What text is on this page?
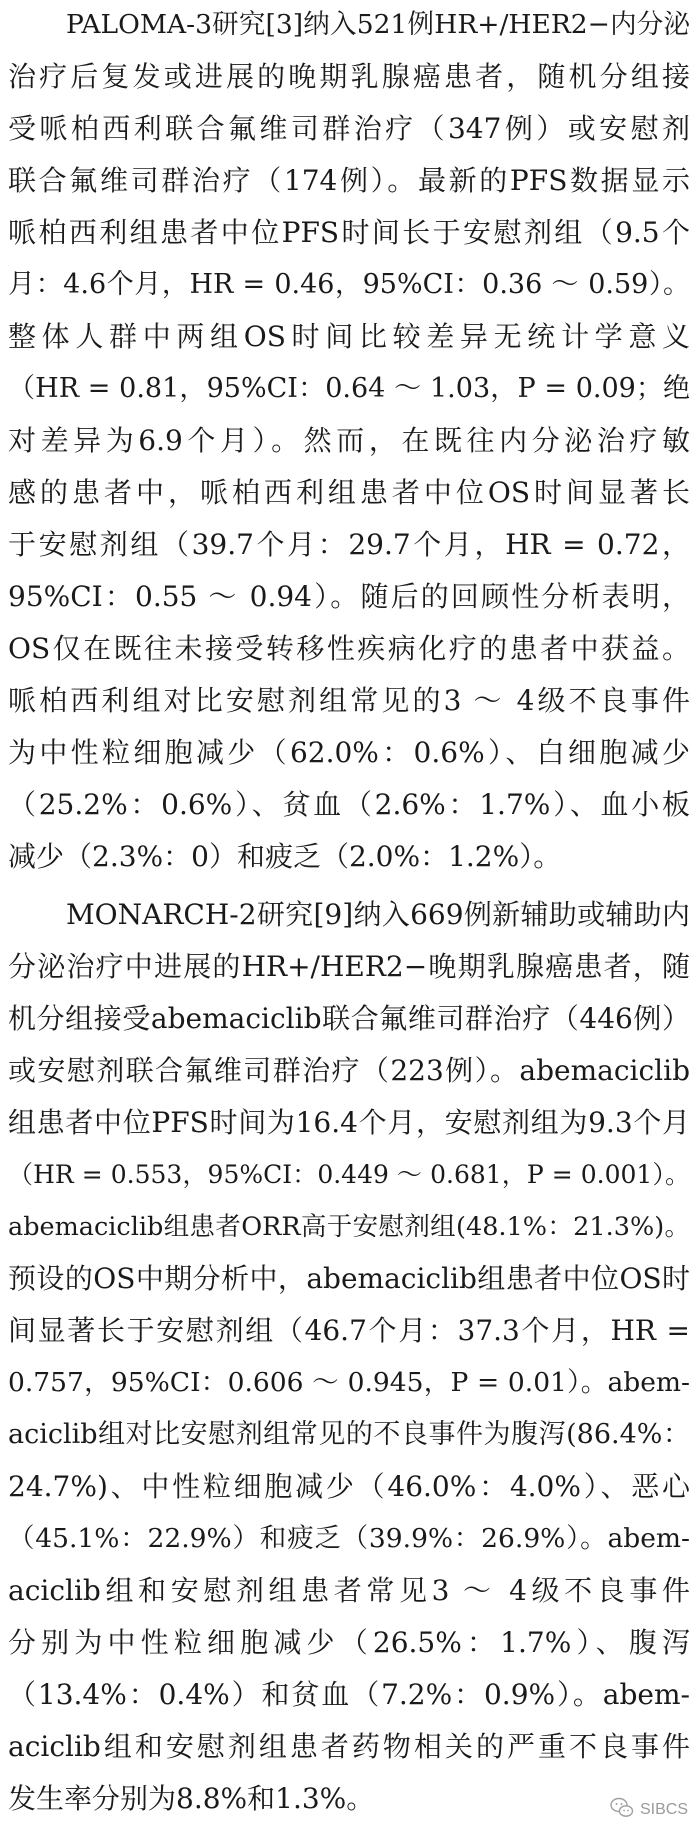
PALOMA-3研究[3]纳入521例HR+/HER2−内分泌
治疗后复发或进展的晚期乳腺癌患者，随机分组接
受哌柏西利联合氟维司群治疗（347例）或安慰剂
联合氟维司群治疗（174例）。最新的PFS数据显示
哌柏西利组患者中位PFS时间长于安慰剂组（9.5个
月：4.6个月，HR = 0.46，95%CI：0.36 ～ 0.59）。
整体人群中两组OS时间比较差异无统计学意义
（HR = 0.81，95%CI：0.64 ～ 1.03，P = 0.09；绝
对差异为6.9个月）。然而，在既往内分泌治疗敏
感的患者中，哌柏西利组患者中位OS时间显著长
于安慰剂组（39.7个月：29.7个月，HR = 0.72，
95%CI：0.55 ～ 0.94）。随后的回顾性分析表明，
OS仅在既往未接受转移性疾病化疗的患者中获益。
哌柏西利组对比安慰剂组常见的3 ～ 4级不良事件
为中性粒细胞减少（62.0%：0.6%）、白细胞减少
（25.2%：0.6%）、贫血（2.6%：1.7%）、血小板
减少（2.3%：0）和疲乏（2.0%：1.2%）。
MONARCH-2研究[9]纳入669例新辅助或辅助内
分泌治疗中进展的HR+/HER2−晚期乳腺癌患者，随
机分组接受abemaciclib联合氟维司群治疗（446例）
或安慰剂联合氟维司群治疗（223例）。abemaciclib
组患者中位PFS时间为16.4个月，安慰剂组为9.3个月
（HR = 0.553，95%CI：0.449 ～ 0.681，P = 0.001）。
abemaciclib组患者ORR高于安慰剂组(48.1%：21.3%)。
预设的OS中期分析中，abemaciclib组患者中位OS时
间显著长于安慰剂组（46.7个月：37.3个月，HR =
0.757，95%CI：0.606 ～ 0.945，P = 0.01）。abem-
aciclib组对比安慰剂组常见的不良事件为腹泻(86.4%：
24.7%)、中性粒细胞减少（46.0%：4.0%）、恶心
（45.1%：22.9%）和疲乏（39.9%：26.9%）。abem-
aciclib组和安慰剂组患者常见3 ～ 4级不良事件
分别为中性粒细胞减少（26.5%：1.7%）、腹泻
（13.4%：0.4%）和贫血（7.2%：0.9%）。abem-
aciclib组和安慰剂组患者药物相关的严重不良事件
发生率分别为8.8%和1.3%。	SIBCS
